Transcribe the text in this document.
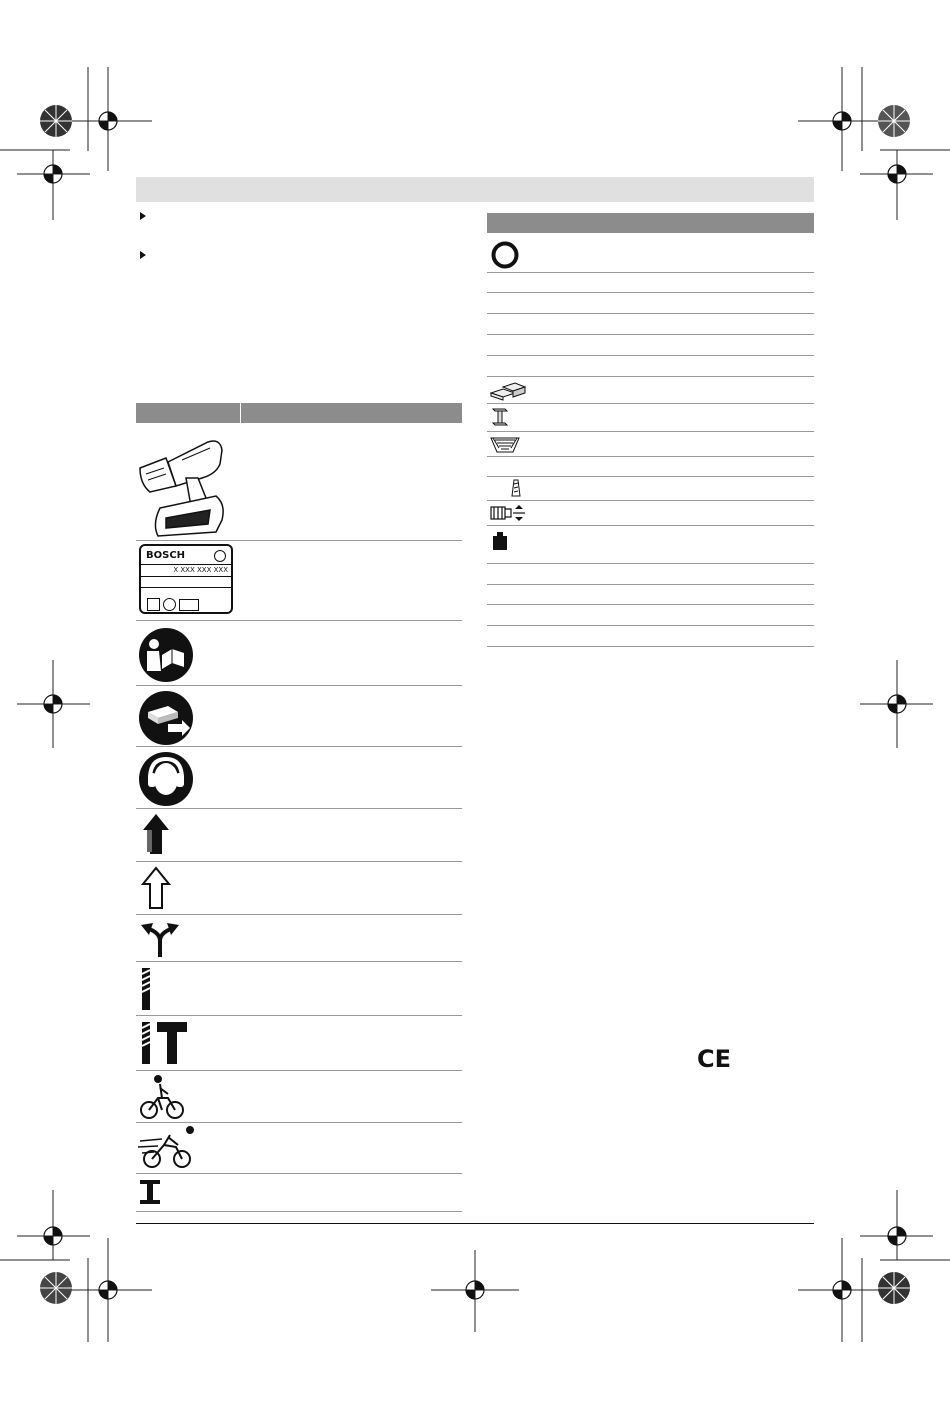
BOSCH
X XXX XXX XXX
CE
